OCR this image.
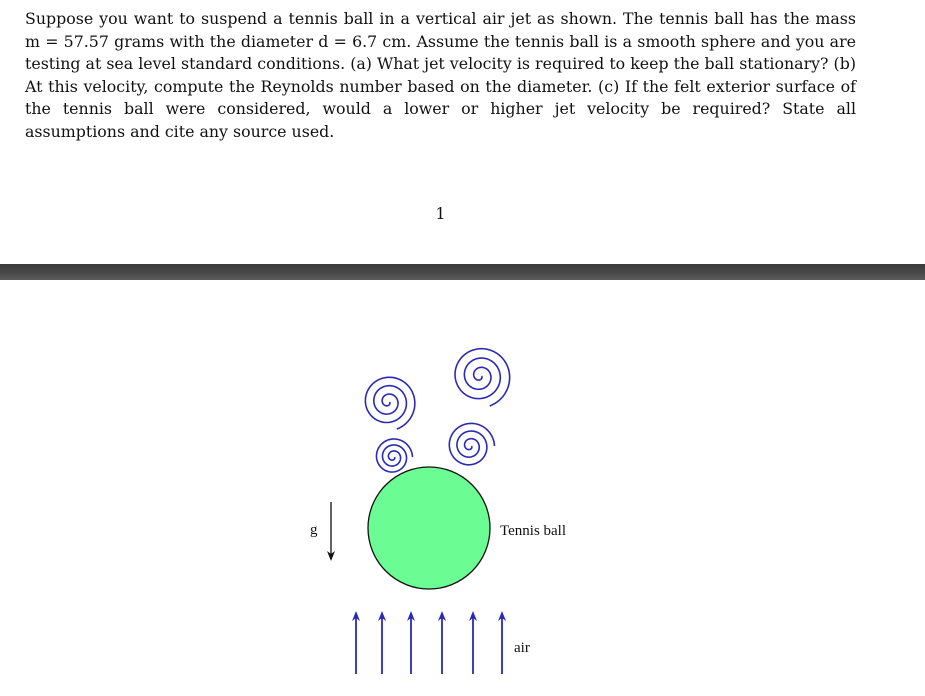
Suppose you want to suspend a tennis ball in a vertical air jet as shown. The tennis ball has the mass m = 57.57 grams with the diameter d = 6.7 cm. Assume the tennis ball is a smooth sphere and you are testing at sea level standard conditions. (a) What jet velocity is required to keep the ball stationary? (b) At this velocity, compute the Reynolds number based on the diameter. (c) If the felt exterior surface of the tennis ball were considered, would a lower or higher jet velocity be required? State all assumptions and cite any source used.
1
g	Tennis ball
air
